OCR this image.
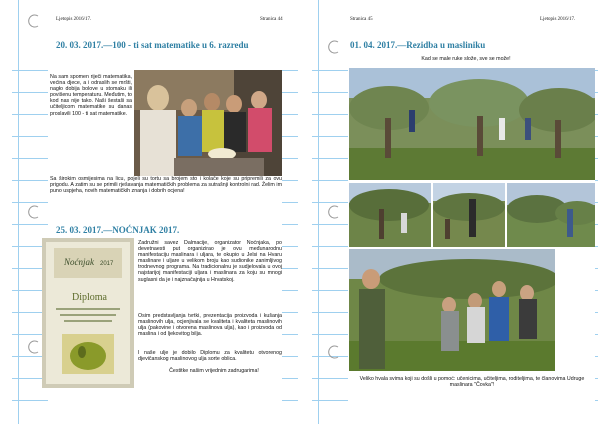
Ljetopis 2016/17.	Stranica 44
20. 03. 2017.—100 - ti sat matematike u 6. razredu
Na sam spomen riječi matematika, većina djece, a i odraslih se mršti, nagło dobija bolove u stomaku ili povišenu temperaturu. Međutim, to kod nas nije tako. Naši šestaši sa učiteljicom matematike su danas proslavili 100 - ti sat matematike.
Sa širokim osmijesima na licu, pojeli su tortu sa brojem sto i kolače koje su pripremili za ovu prigodu. A zatim su se primili rješavanja matematičkih problema za sutrašnji kontrolni rad. Želim im puno uspjeha, novih matematičkih znanja i dobrih ocjena!
25. 03. 2017.—NOĆNJAK 2017.
Noćnjak 2017
Diploma
Zadružni savez Dalmacije, organizator Noćnjaka, po devetnaesti put organizirao je ovu međunarodnu manifestaciju maslinara i uljara, te okupio u Jelsi na Hvaru maslinare i uljare u velikom broju kao sudionike zanimljivog trodnevnog programa. Na tradicionalnu je sudjelovala u ovoj najstarijoj manifestaciji uljara i maslinara za koju su mnogi suglasni da je i najznačajnija u Hrvatskoj.
Osim predstavljanja tvrtki, prezentacija proizvoda i kušanja maslinovih ulja, ocjenjivala se kvaliteta i kvaliteta maslinovih ulja (pakovine i otvorena maslinova ulja), kao i proizvoda od maslina i od ljekovitog bilja.
I naše ulje je dobilo Diplomu za kvalitetu otvorenog djevičanskog maslinovog ulja sorte oblica.
Čestitke našim vrijednim zadrugarima!
Stranica 45	Ljetopis 2016/17.
01. 04. 2017.—Rezidba u masliniku
Kad se male ruke slože, sve se može!
Veliko hvala svima koji su došli u pomoć: učenicima, učiteljima, roditeljima, te članovima Udruge maslinara "Čovka"!
